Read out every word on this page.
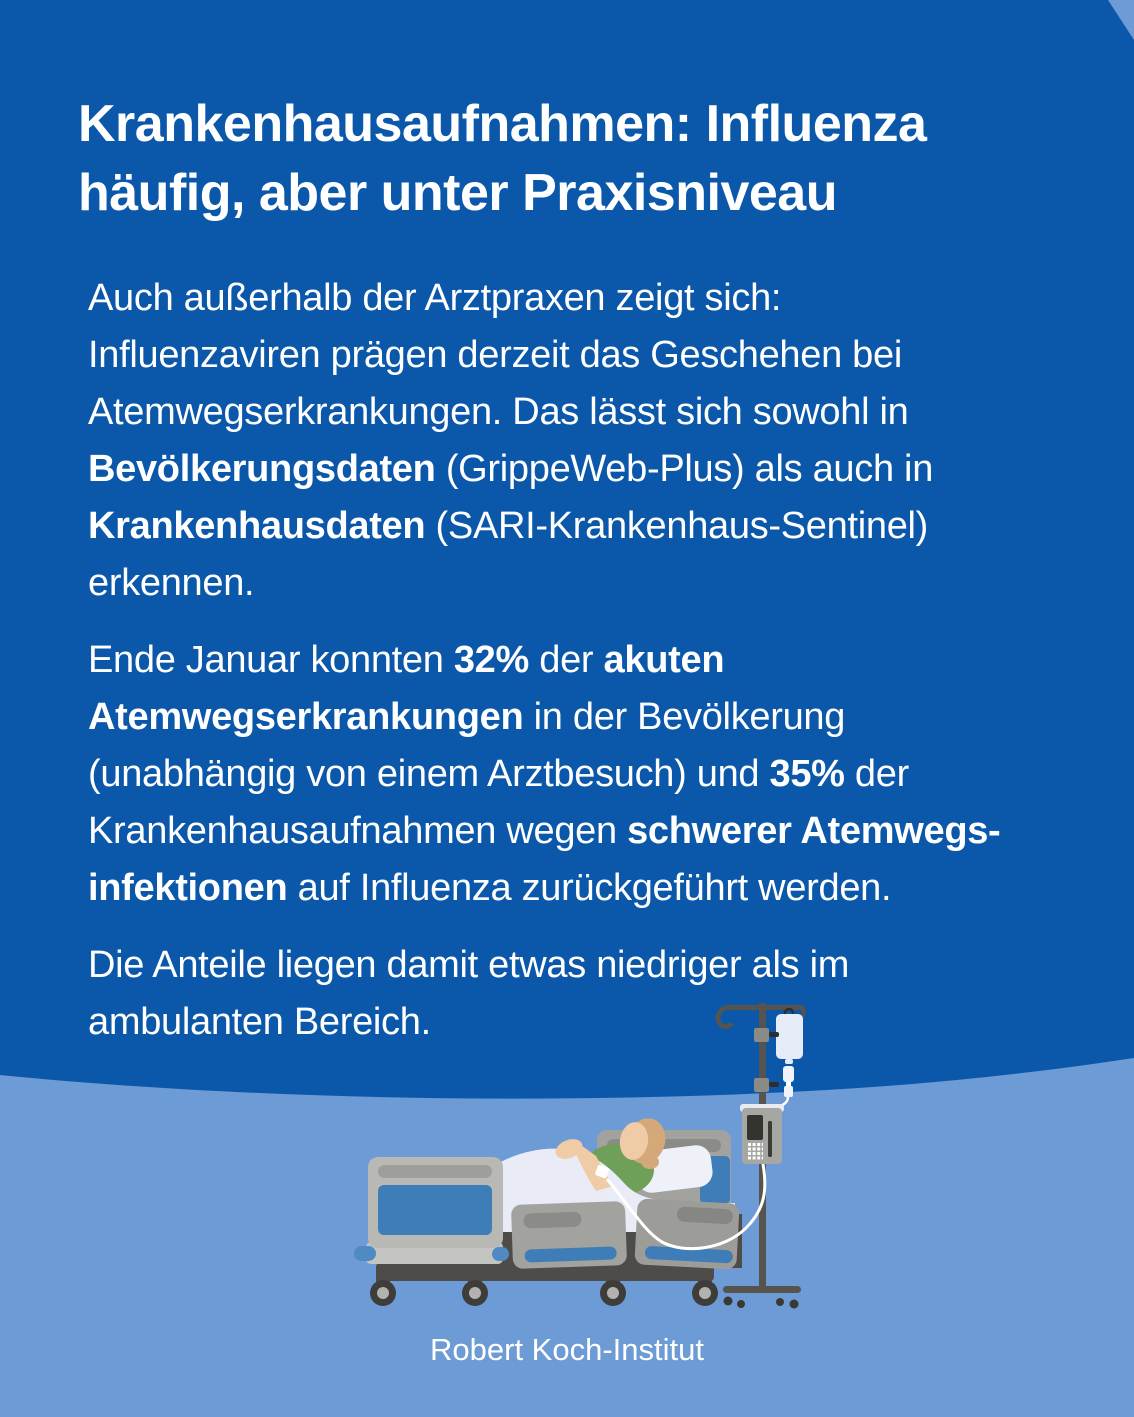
Krankenhausaufnahmen: Influenza
häufig, aber unter Praxisniveau
Auch außerhalb der Arztpraxen zeigt sich:
Influenzaviren prägen derzeit das Geschehen bei
Atemwegserkrankungen. Das lässt sich sowohl in
Bevölkerungsdaten (GrippeWeb-Plus) als auch in
Krankenhausdaten (SARI-Krankenhaus-Sentinel)
erkennen.
Ende Januar konnten 32% der akuten
Atemwegserkrankungen in der Bevölkerung
(unabhängig von einem Arztbesuch) und 35% der
Krankenhausaufnahmen wegen schwerer Atemwegs-
infektionen auf Influenza zurückgeführt werden.
Die Anteile liegen damit etwas niedriger als im
ambulanten Bereich.
Robert Koch-Institut
